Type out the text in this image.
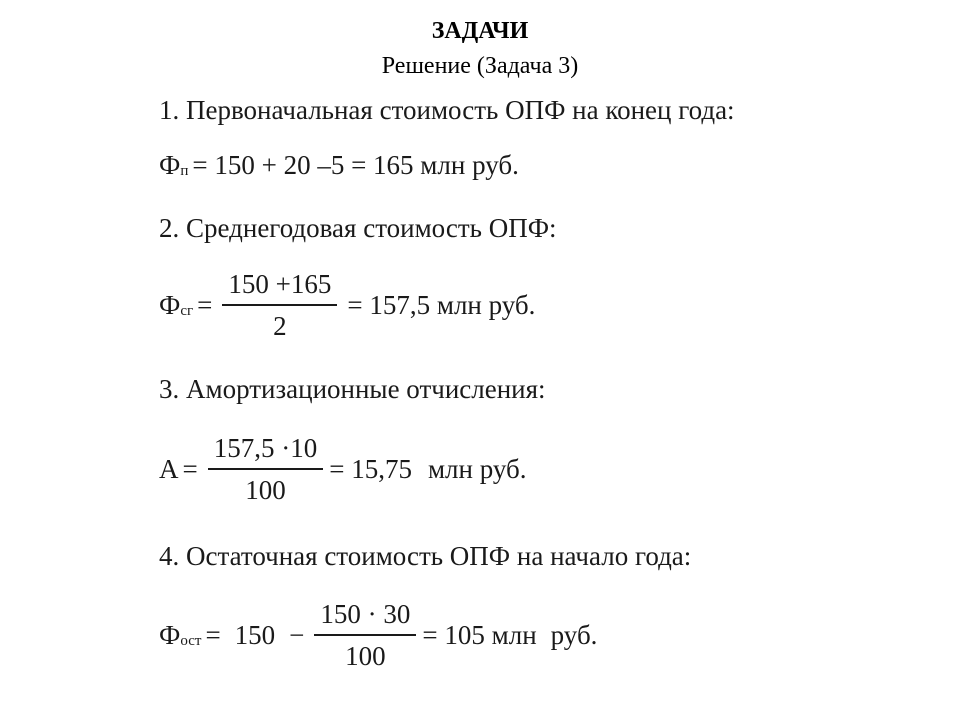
ЗАДАЧИ
Решение (Задача 3)
1. Первоначальная стоимость ОПФ на конец года:
Ф п = 150 + 20 –5 = 165 млн руб.
2. Среднегодовая стоимость ОПФ:
Ф сг = $\frac{150 +165}{2} = 157,5$ млн руб.
3. Амортизационные отчисления:
$А = \frac{157,5 \cdot 10}{100} = 15,75$ млн руб.
4. Остаточная стоимость ОПФ на начало года:
Ф ост = $150 - \frac{150 \cdot 30}{100} = 105$ млн руб.
